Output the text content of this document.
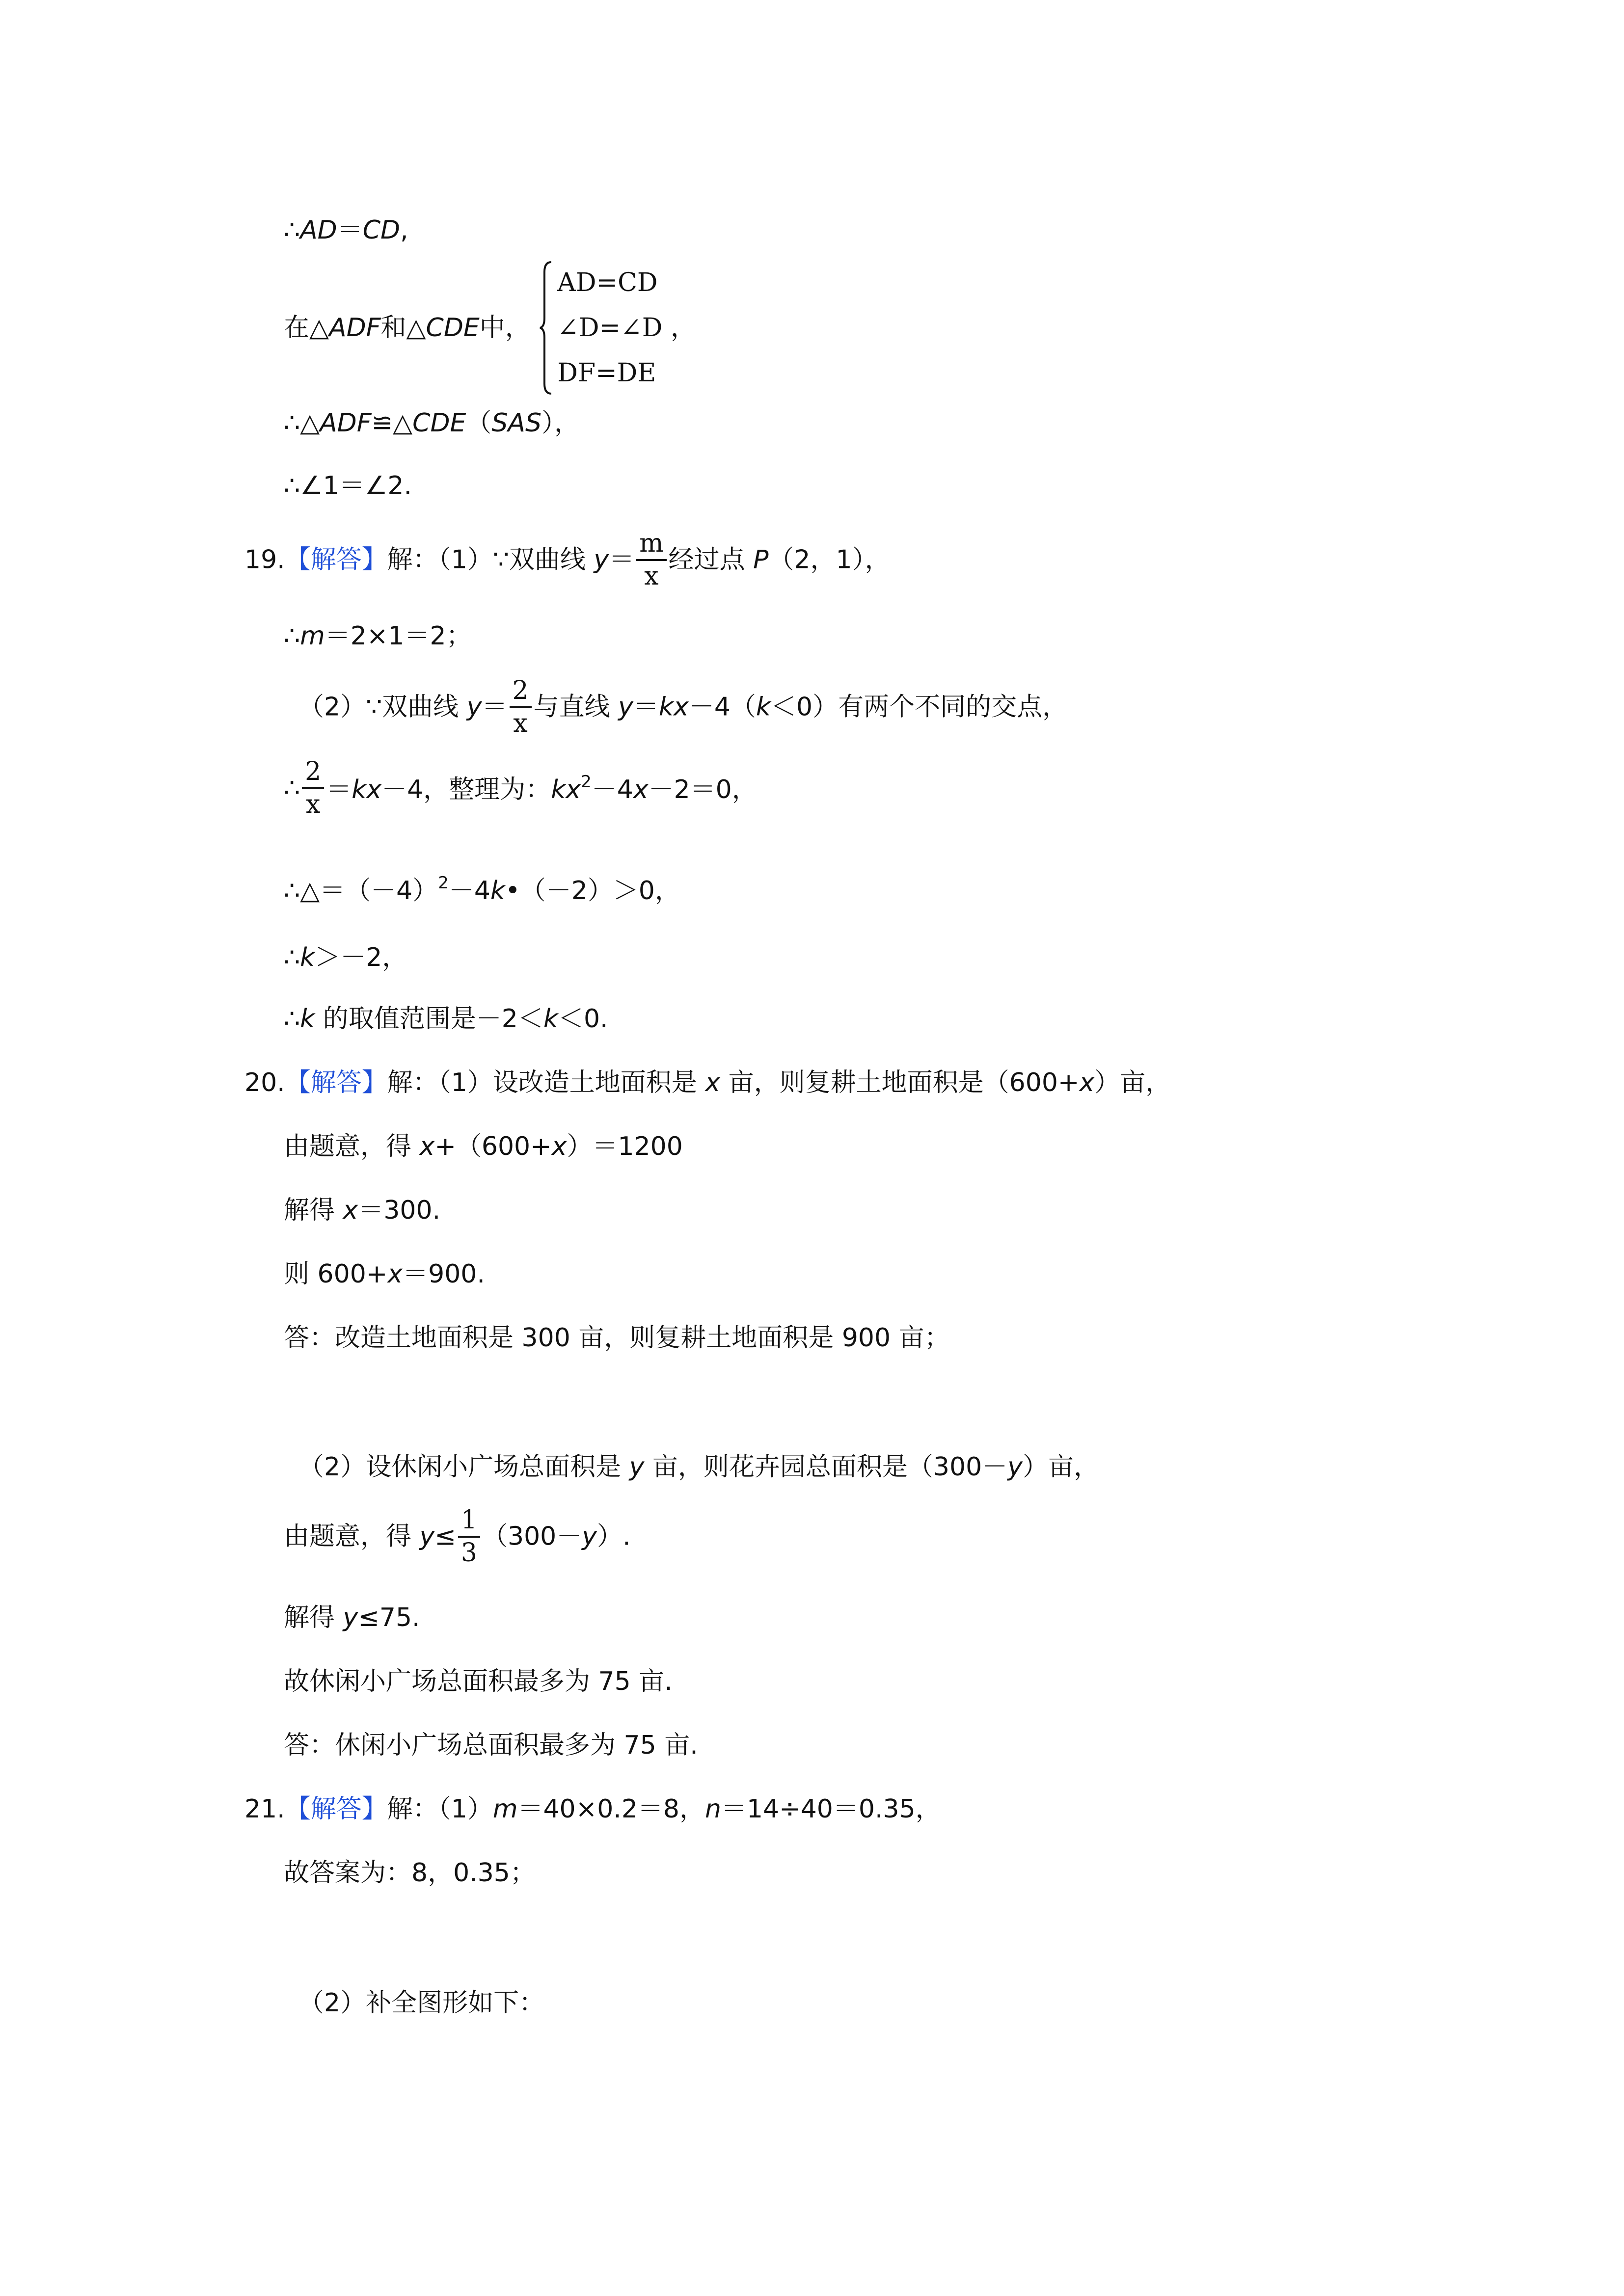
∴AD＝CD,
在△ADF和△CDE中，
AD=CD
∠D=∠D
DF=DE
，
∴△ADF≌△CDE（SAS），
∴∠1＝∠2.
19.【解答】解：（1）∵双曲线 $y= \frac{m}{x}$ 经过点 P（2，1），
∴m＝2×1＝2；
（2）∵双曲线 $y= \frac{2}{x}$ 与直线 y＝kx－4（k＜0）有两个不同的交点，
∴ $\frac{2}{x} =kx-4$，整理为：$kx^2-4x-2=0$，
$\therefore\triangle=(-4)^2-4k•(-2)>0$，
∴k＞－2，
∴k 的取值范围是－2＜k＜0.
20.【解答】解：（1）设改造土地面积是 x 亩，则复耕土地面积是（600+x）亩，
由题意，得 x+（600+x）＝1200
解得 x＝300.
则 600+x＝900.
答：改造土地面积是 300 亩，则复耕土地面积是 900 亩；
（2）设休闲小广场总面积是 y 亩，则花卉园总面积是（300－y）亩，
由题意，得 $y\le \frac{1}{3} (300-y)$.
解得 y≤75.
故休闲小广场总面积最多为 75 亩.
答：休闲小广场总面积最多为 75 亩.
21.【解答】解：（1）m＝40×0.2＝8，n＝14÷40＝0.35，
故答案为：8，0.35；
（2）补全图形如下：
